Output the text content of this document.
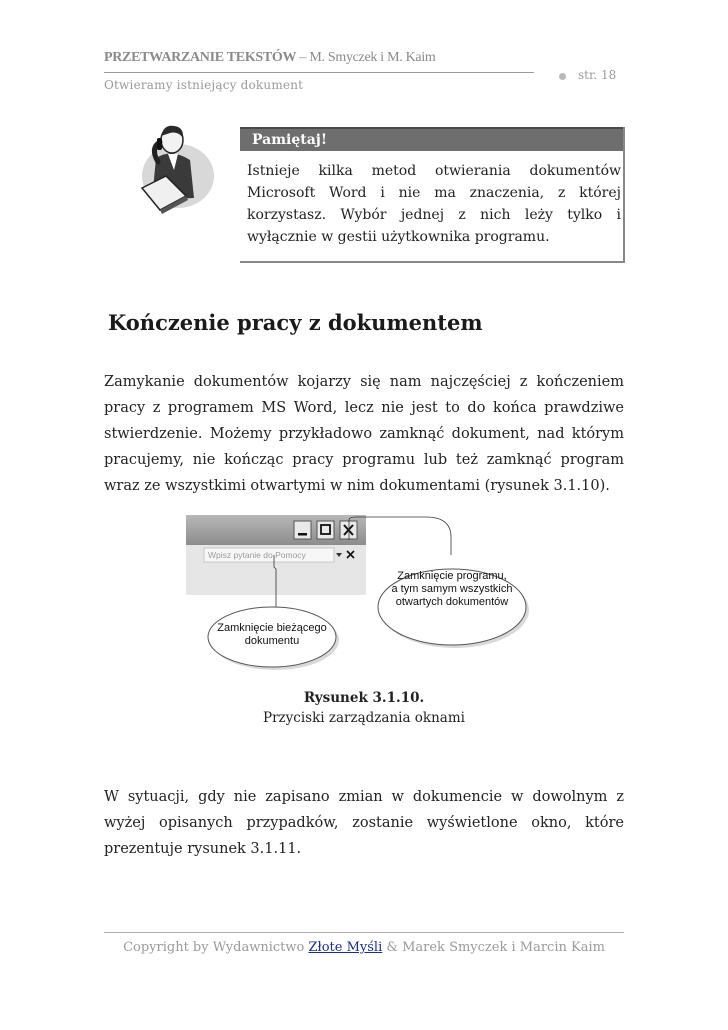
PRZETWARZANIE TEKSTÓW – M. Smyczek i M. Kaim
str. 18
Otwieramy istniejący dokument
Pamiętaj!
Istnieje kilka metod otwierania dokumentów Microsoft Word i nie ma znaczenia, z której korzystasz. Wybór jednej z nich leży tylko i wyłącznie w gestii użytkownika programu.
Kończenie pracy z dokumentem
Zamykanie dokumentów kojarzy się nam najczęściej z kończeniem pracy z programem MS Word, lecz nie jest to do końca prawdziwe stwierdzenie. Możemy przykładowo zamknąć dokument, nad którym pracujemy, nie kończąc pracy programu lub też zamknąć program wraz ze wszystkimi otwartymi w nim dokumentami (rysunek 3.1.10).
Wpisz pytanie do Pomocy
Zamknięcie programu,
a tym samym wszystkich
otwartych dokumentów
Zamknięcie bieżącego
dokumentu
Rysunek 3.1.10.
Przyciski zarządzania oknami
W sytuacji, gdy nie zapisano zmian w dokumencie w dowolnym z wyżej opisanych przypadków, zostanie wyświetlone okno, które prezentuje rysunek 3.1.11.
Copyright by Wydawnictwo Złote Myśli & Marek Smyczek i Marcin Kaim
